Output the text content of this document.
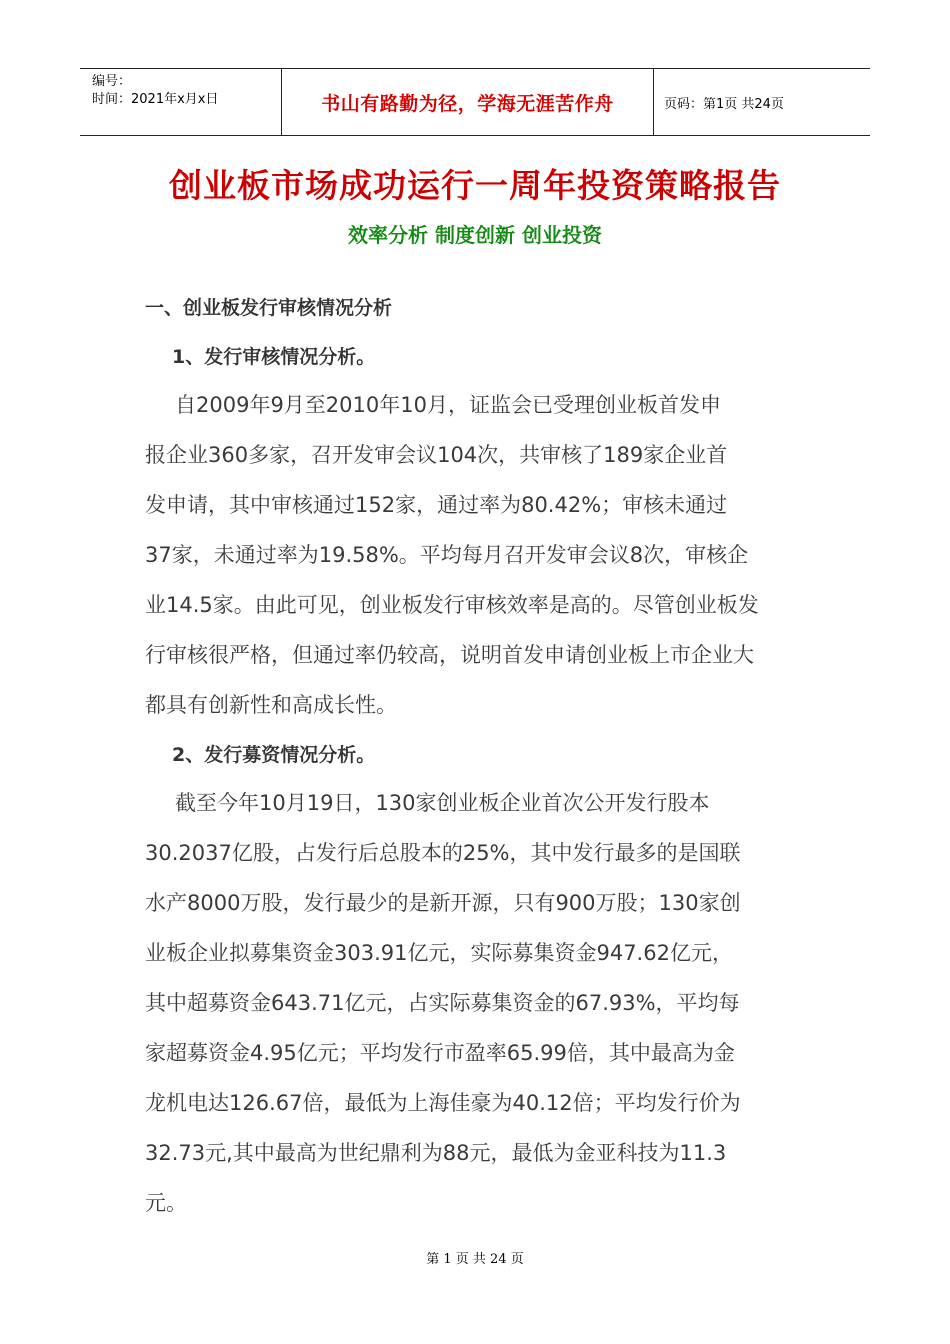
编号：
时间：2021年x月x日	书山有路勤为径，学海无涯苦作舟	页码：第1页 共24页
创业板市场成功运行一周年投资策略报告
效率分析 制度创新 创业投资
一、创业板发行审核情况分析
1、发行审核情况分析。
自2009年9月至2010年10月，证监会已受理创业板首发申
报企业360多家，召开发审会议104次，共审核了189家企业首
发申请，其中审核通过152家，通过率为80.42%；审核未通过
37家，未通过率为19.58%。平均每月召开发审会议8次，审核企
业14.5家。由此可见，创业板发行审核效率是高的。尽管创业板发
行审核很严格，但通过率仍较高，说明首发申请创业板上市企业大
都具有创新性和高成长性。
2、发行募资情况分析。
截至今年10月19日，130家创业板企业首次公开发行股本
30.2037亿股，占发行后总股本的25%，其中发行最多的是国联
水产8000万股，发行最少的是新开源，只有900万股；130家创
业板企业拟募集资金303.91亿元，实际募集资金947.62亿元，
其中超募资金643.71亿元，占实际募集资金的67.93%，平均每
家超募资金4.95亿元；平均发行市盈率65.99倍，其中最高为金
龙机电达126.67倍，最低为上海佳豪为40.12倍；平均发行价为
32.73元,其中最高为世纪鼎利为88元，最低为金亚科技为11.3
元。
第 1 页 共 24 页
